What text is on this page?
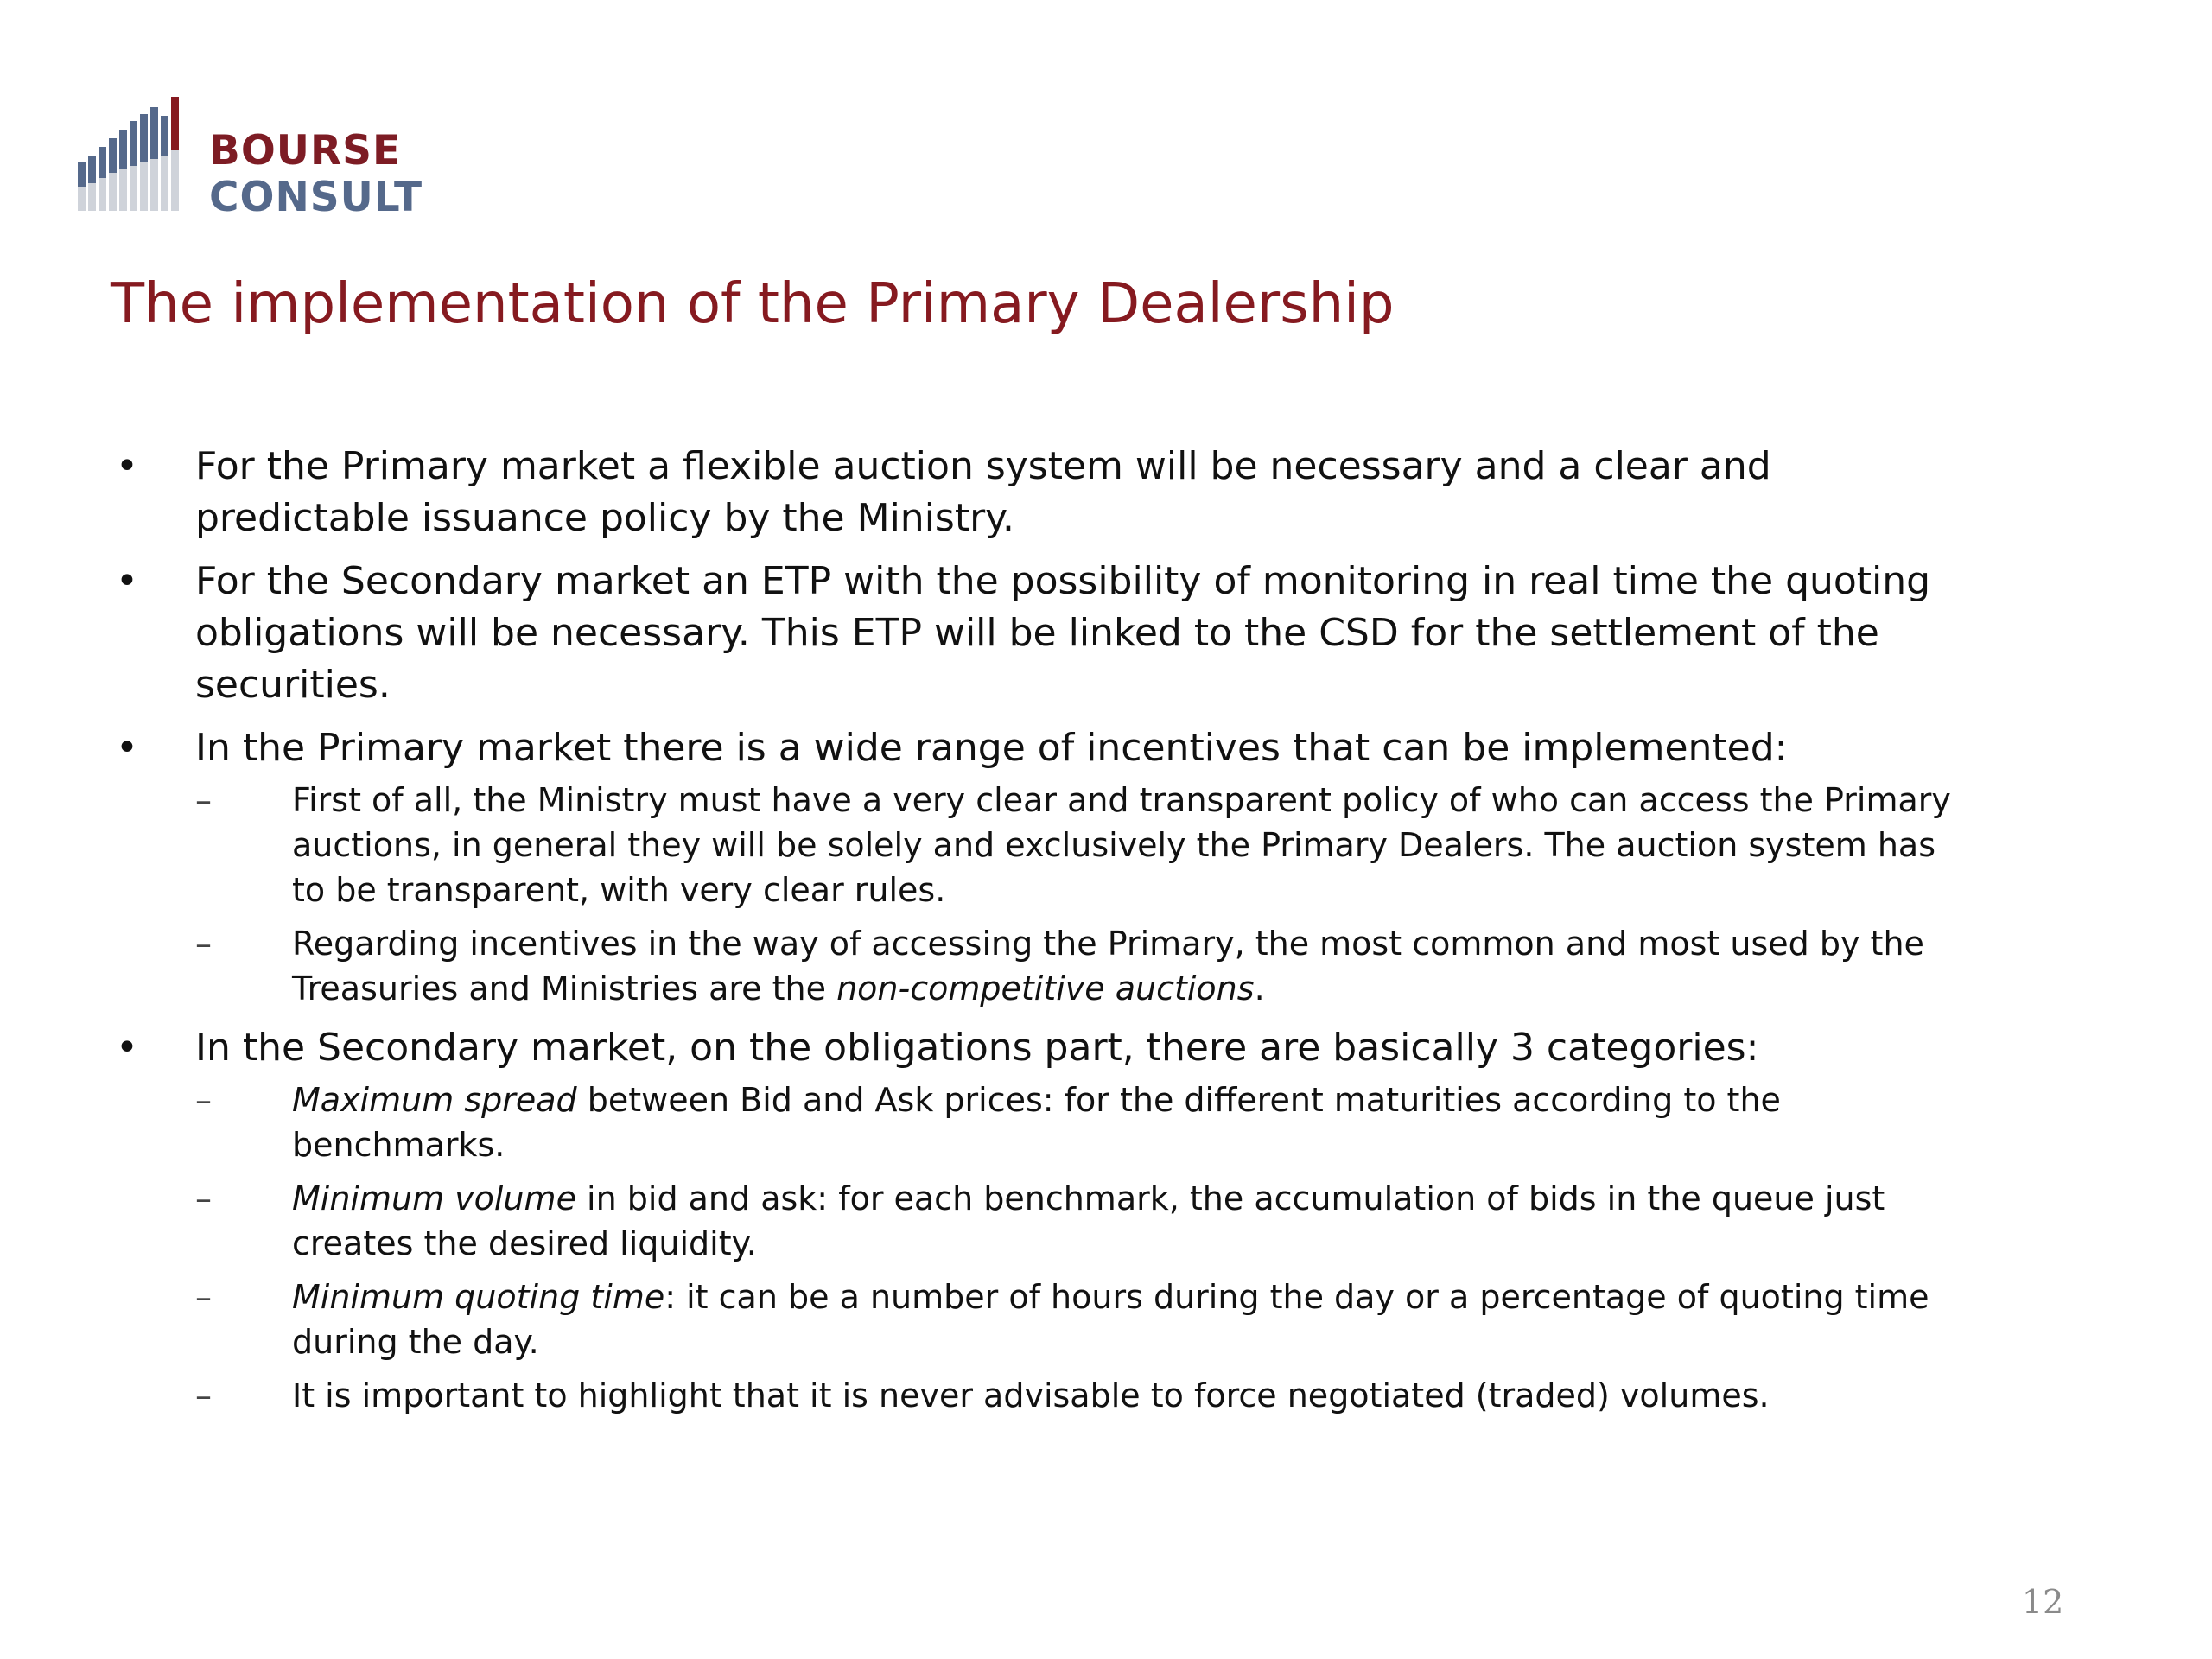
BOURSE
CONSULT
The implementation of the Primary Dealership
• For the Primary market a flexible auction system will be necessary and a clear and predictable issuance policy by the Ministry.
• For the Secondary market an ETP with the possibility of monitoring in real time the quoting obligations will be necessary. This ETP will be linked to the CSD for the settlement of the securities.
• In the Primary market there is a wide range of incentives that can be implemented:
– First of all, the Ministry must have a very clear and transparent policy of who can access the Primary auctions, in general they will be solely and exclusively the Primary Dealers. The auction system has to be transparent, with very clear rules.
– Regarding incentives in the way of accessing the Primary, the most common and most used by the Treasuries and Ministries are the non-competitive auctions.
• In the Secondary market, on the obligations part, there are basically 3 categories:
– Maximum spread between Bid and Ask prices: for the different maturities according to the benchmarks.
– Minimum volume in bid and ask: for each benchmark, the accumulation of bids in the queue just creates the desired liquidity.
– Minimum quoting time: it can be a number of hours during the day or a percentage of quoting time during the day.
– It is important to highlight that it is never advisable to force negotiated (traded) volumes.
12
